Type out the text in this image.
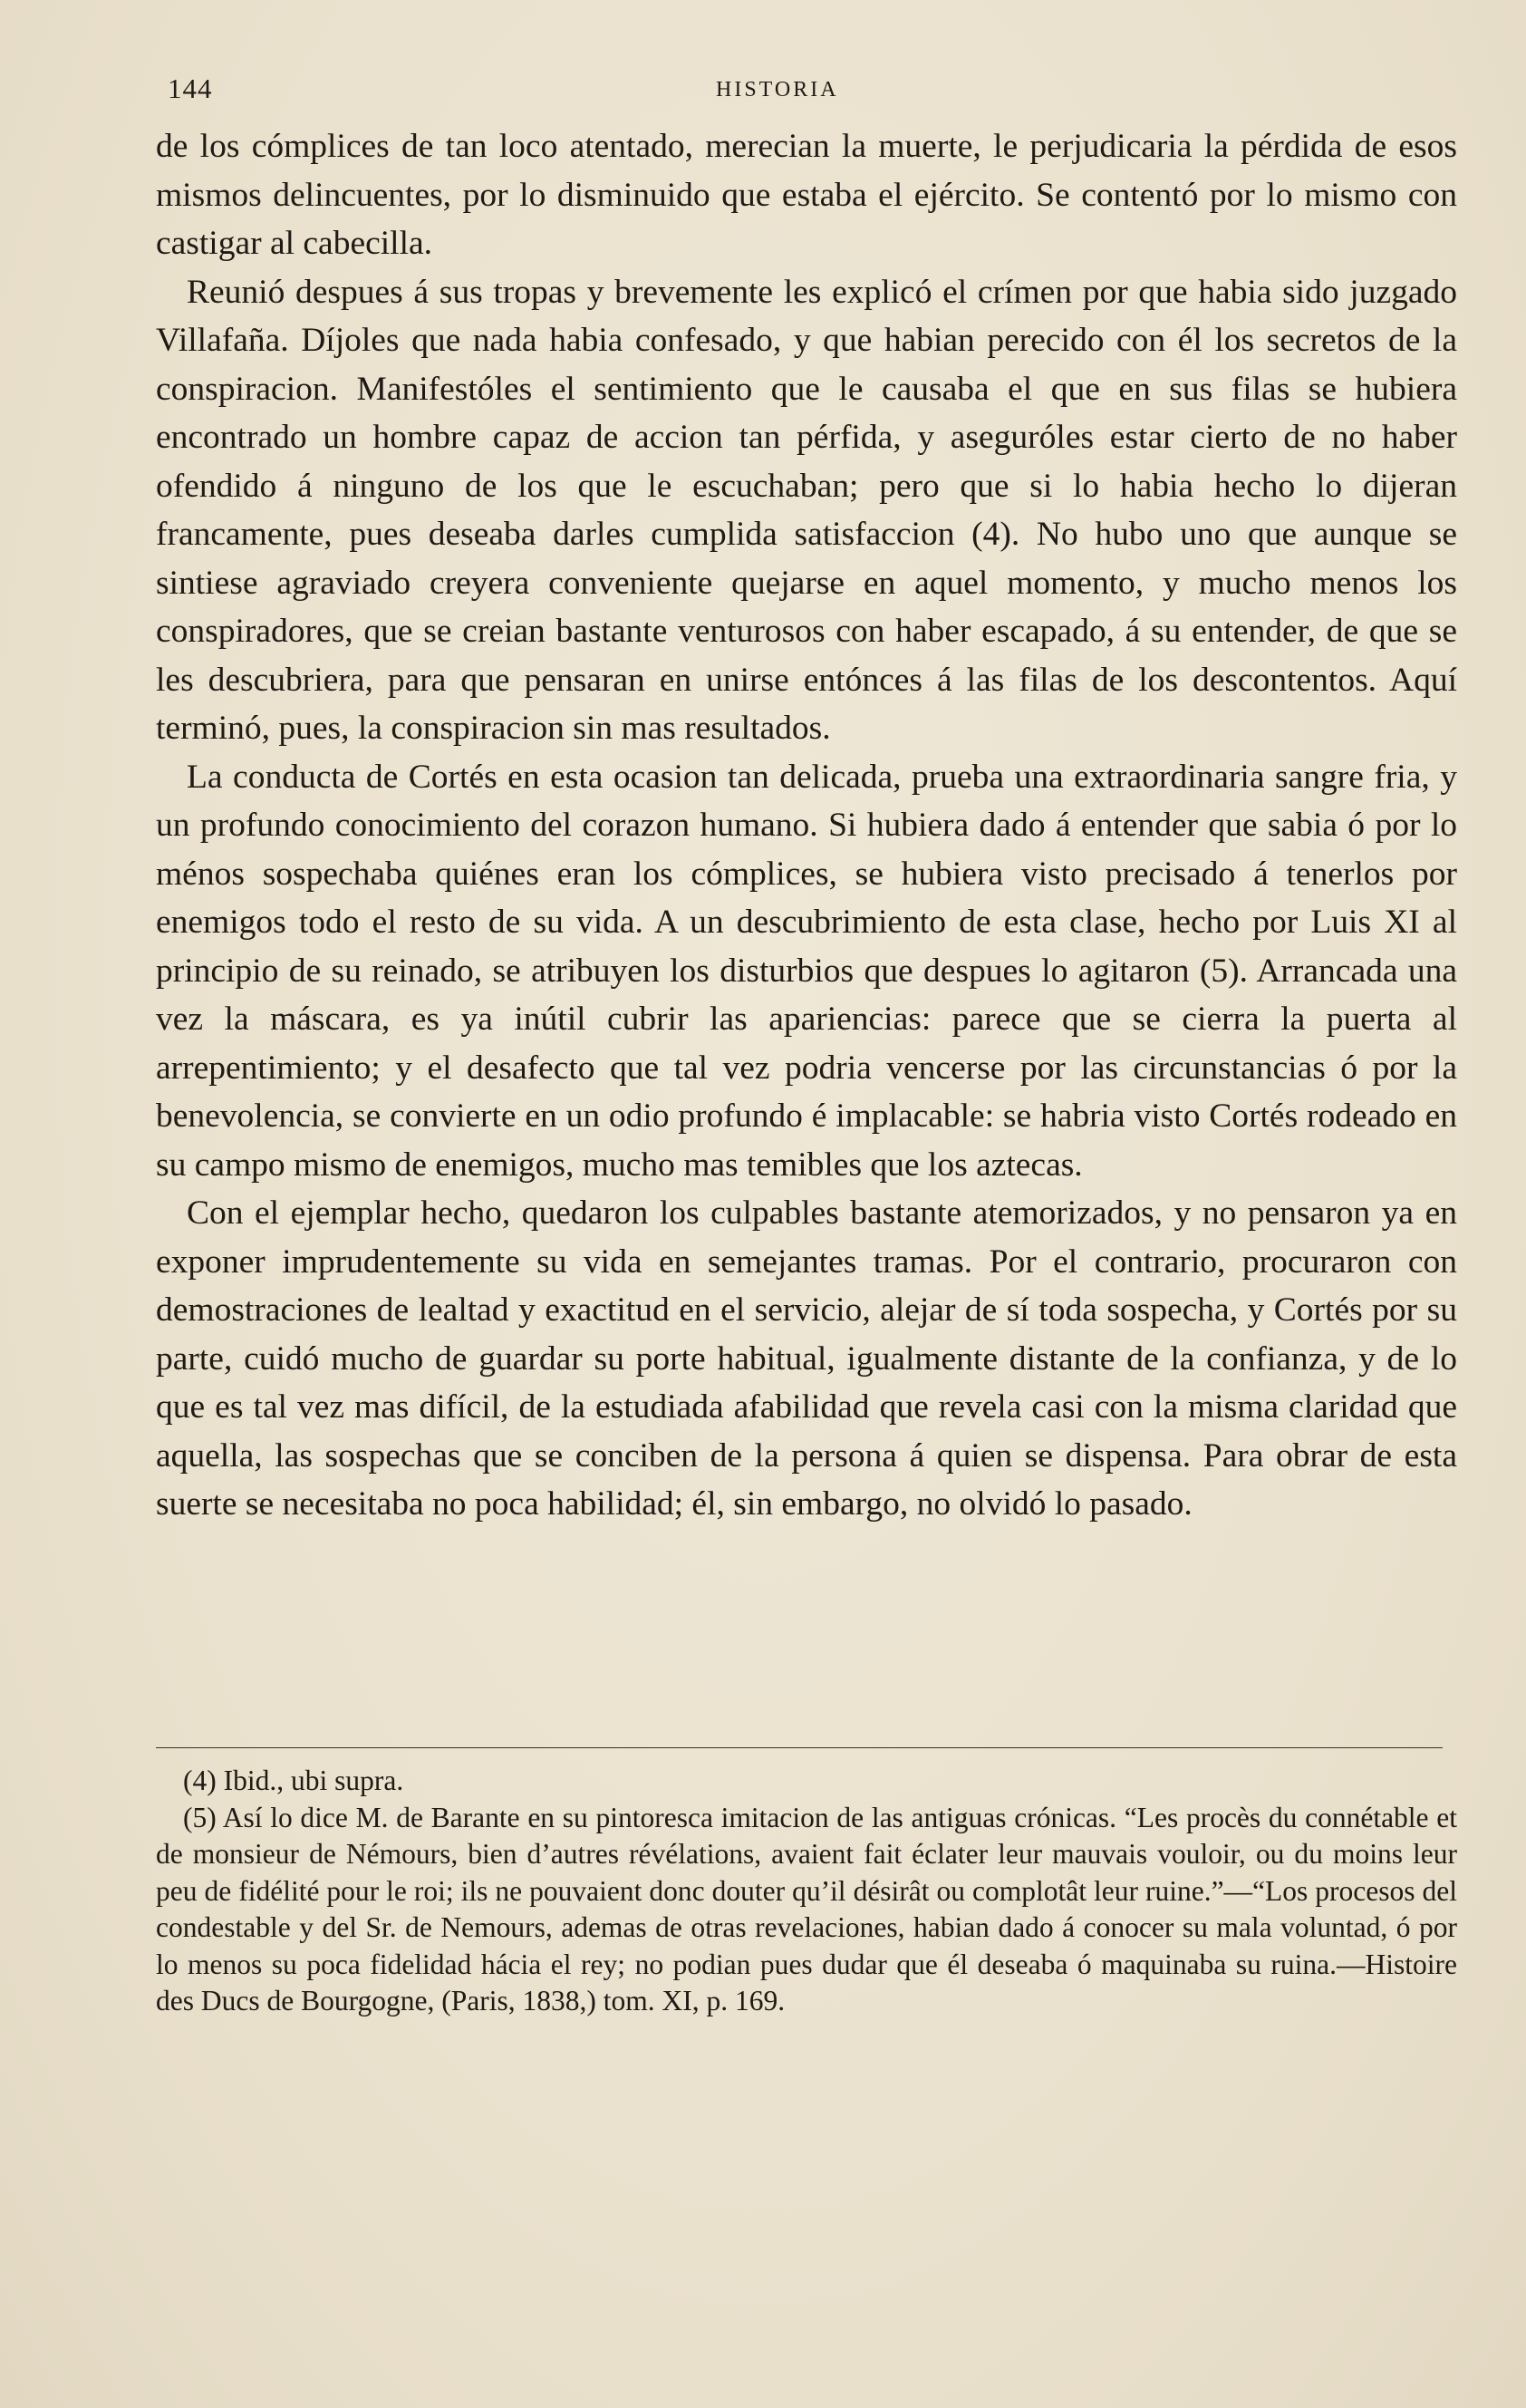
144	HISTORIA

de los cómplices de tan loco atentado, merecian la muerte, le perjudicaria la pérdida de esos mismos delincuentes, por lo disminuido que estaba el ejército. Se contentó por lo mismo con castigar al cabecilla.

Reunió despues á sus tropas y brevemente les explicó el crímen por que habia sido juzgado Villafaña. Díjoles que nada habia confesado, y que habian perecido con él los secretos de la conspiracion. Manifestóles el sentimiento que le causaba el que en sus filas se hubiera encontrado un hombre capaz de accion tan pérfida, y aseguróles estar cierto de no haber ofendido á ninguno de los que le escuchaban; pero que si lo habia hecho lo dijeran francamente, pues deseaba darles cumplida satisfaccion (4). No hubo uno que aunque se sintiese agraviado creyera conveniente quejarse en aquel momento, y mucho menos los conspiradores, que se creian bastante venturosos con haber escapado, á su entender, de que se les descubriera, para que pensaran en unirse entónces á las filas de los descontentos. Aquí terminó, pues, la conspiracion sin mas resultados.

La conducta de Cortés en esta ocasion tan delicada, prueba una extraordinaria sangre fria, y un profundo conocimiento del corazon humano. Si hubiera dado á entender que sabia ó por lo ménos sospechaba quiénes eran los cómplices, se hubiera visto precisado á tenerlos por enemigos todo el resto de su vida. A un descubrimiento de esta clase, hecho por Luis XI al principio de su reinado, se atribuyen los disturbios que despues lo agitaron (5). Arrancada una vez la máscara, es ya inútil cubrir las apariencias: parece que se cierra la puerta al arrepentimiento; y el desafecto que tal vez podria vencerse por las circunstancias ó por la benevolencia, se convierte en un odio profundo é implacable: se habria visto Cortés rodeado en su campo mismo de enemigos, mucho mas temibles que los aztecas.

Con el ejemplar hecho, quedaron los culpables bastante atemorizados, y no pensaron ya en exponer imprudentemente su vida en semejantes tramas. Por el contrario, procuraron con demostraciones de lealtad y exactitud en el servicio, alejar de sí toda sospecha, y Cortés por su parte, cuidó mucho de guardar su porte habitual, igualmente distante de la confianza, y de lo que es tal vez mas difícil, de la estudiada afabilidad que revela casi con la misma claridad que aquella, las sospechas que se conciben de la persona á quien se dispensa. Para obrar de esta suerte se necesitaba no poca habilidad; él, sin embargo, no olvidó lo pasado.

(4) Ibid., ubi supra.

(5) Así lo dice M. de Barante en su pintoresca imitacion de las antiguas crónicas. “Les procès du connétable et de monsieur de Némours, bien d’autres révélations, avaient fait éclater leur mauvais vouloir, ou du moins leur peu de fidélité pour le roi; ils ne pouvaient donc douter qu’il désirât ou complotât leur ruine.”—“Los procesos del condestable y del Sr. de Nemours, ademas de otras revelaciones, habian dado á conocer su mala voluntad, ó por lo menos su poca fidelidad hácia el rey; no podian pues dudar que él deseaba ó maquinaba su ruina.—Histoire des Ducs de Bourgogne, (Paris, 1838,) tom. XI, p. 169.
